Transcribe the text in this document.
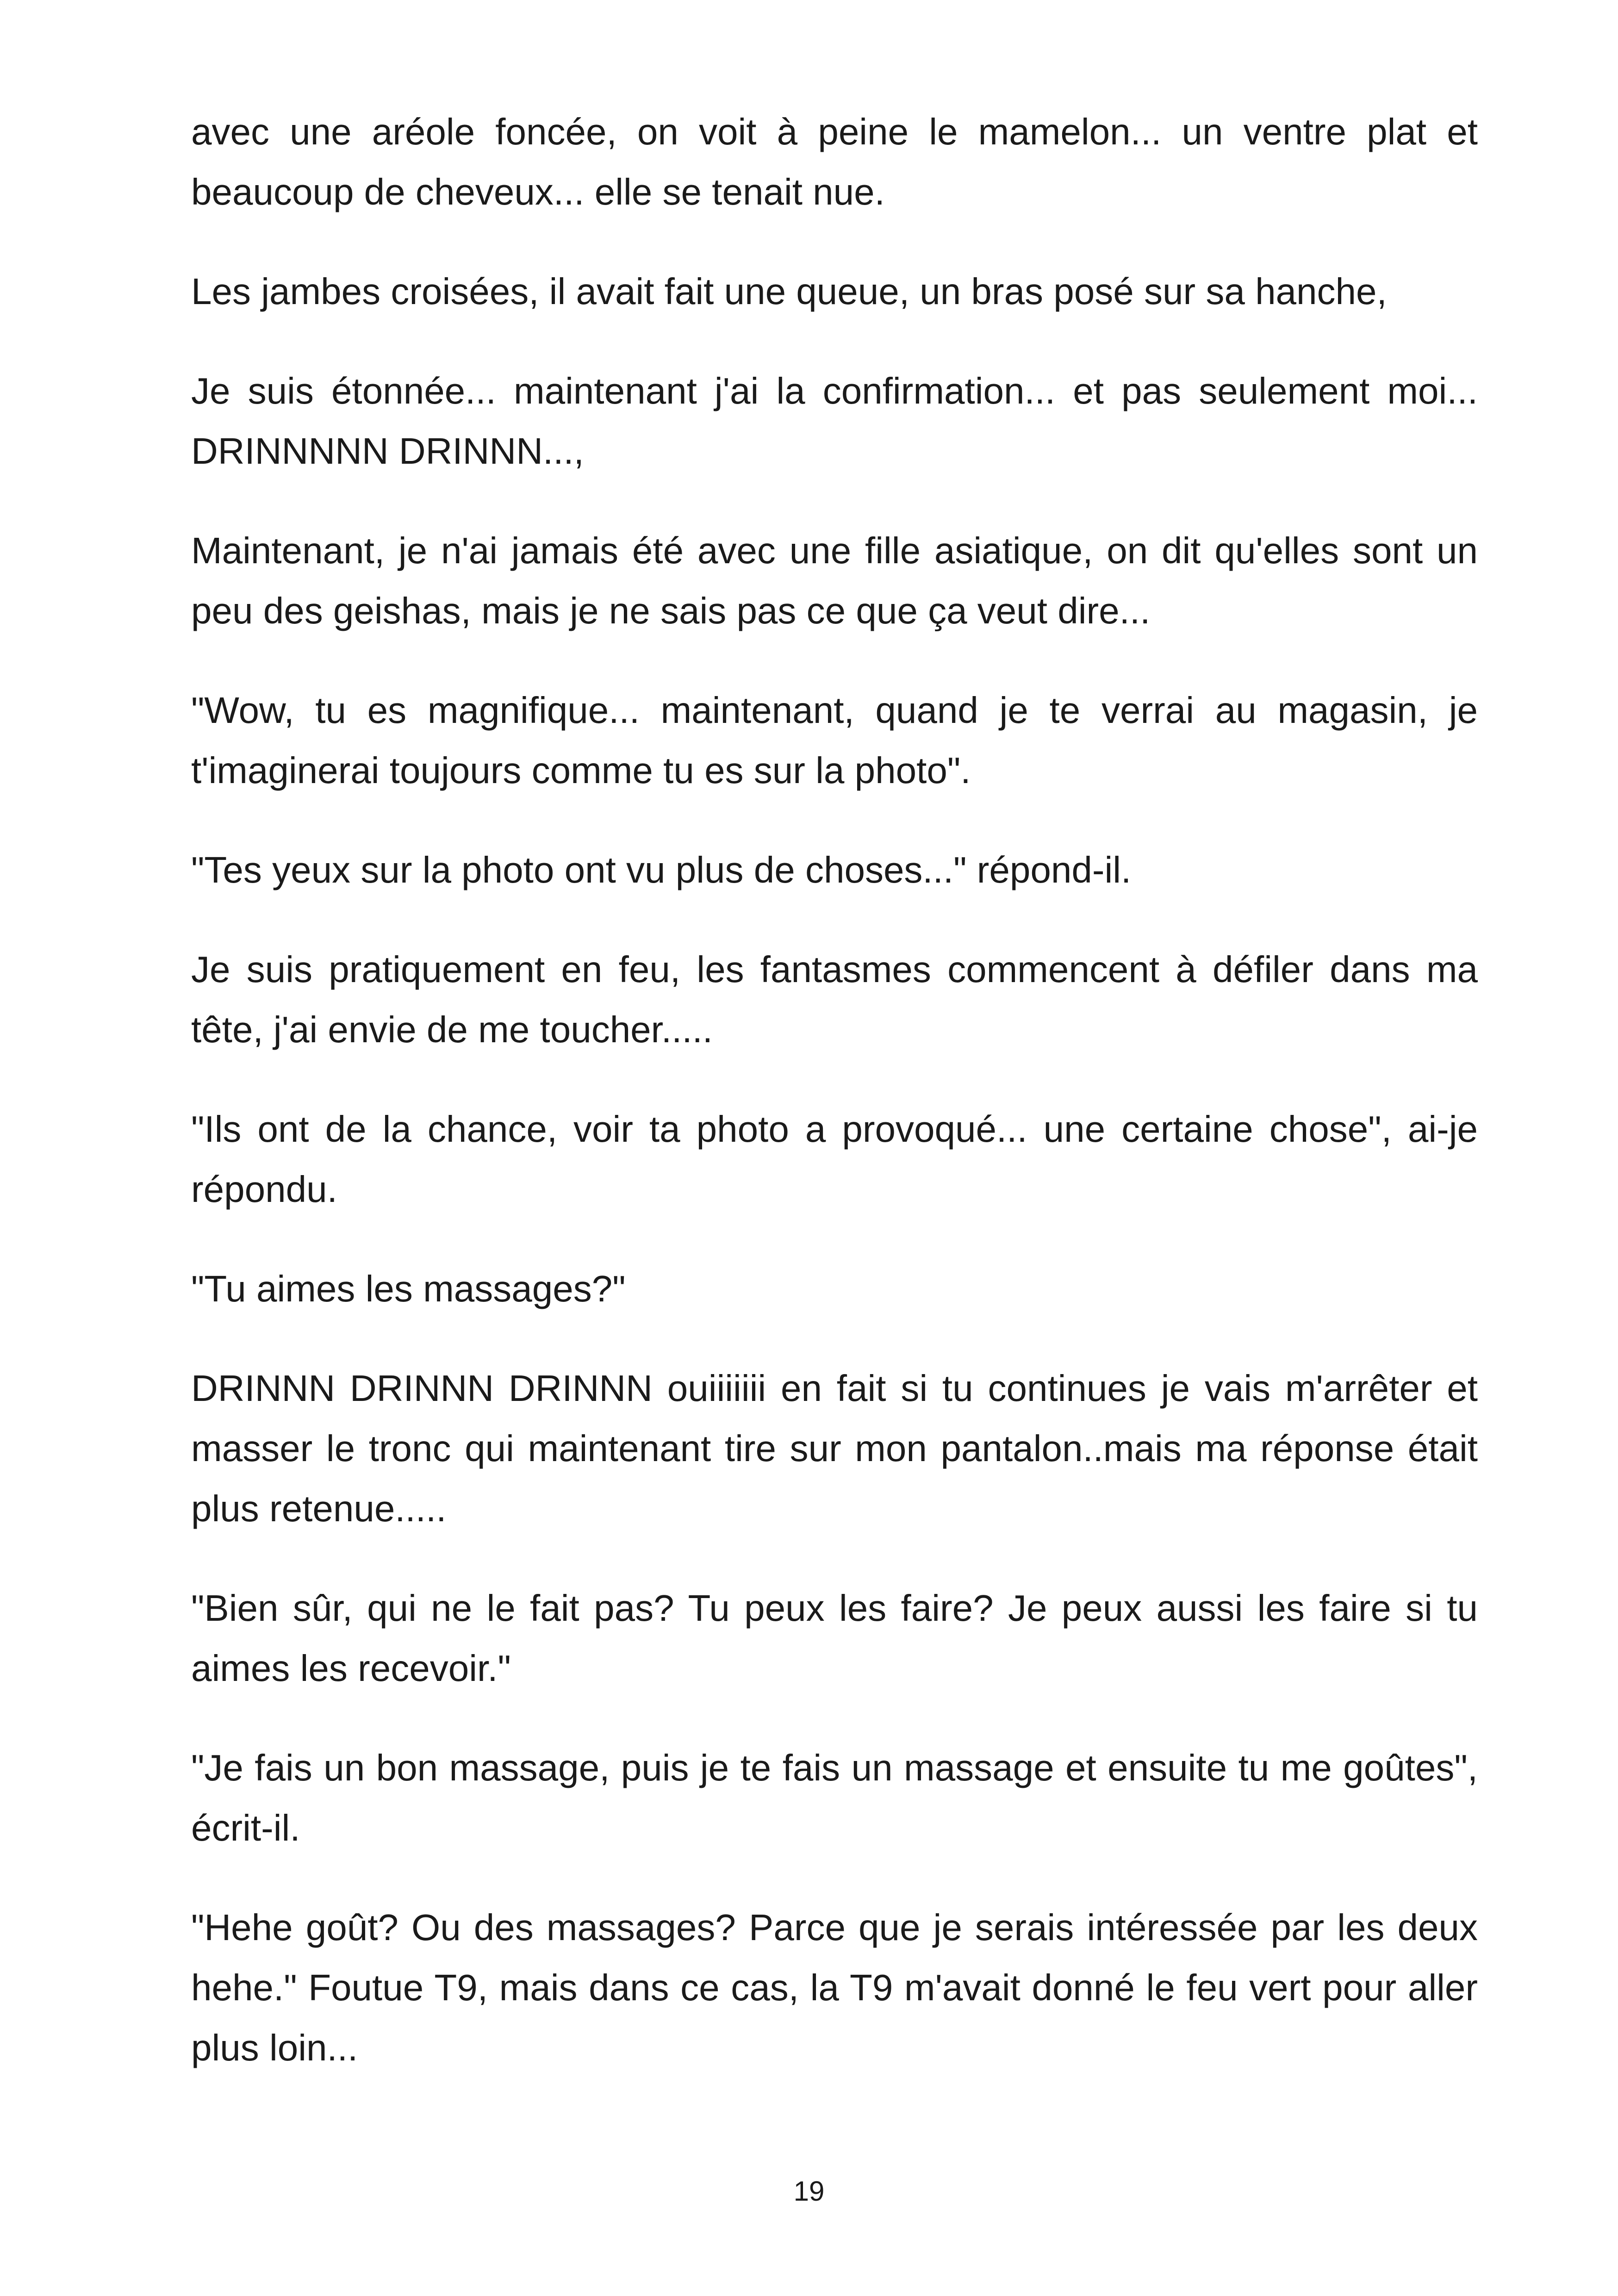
avec une aréole foncée, on voit à peine le mamelon... un ventre plat et beaucoup de cheveux... elle se tenait nue.

Les jambes croisées, il avait fait une queue, un bras posé sur sa hanche,

Je suis étonnée... maintenant j'ai la confirmation... et pas seulement moi... DRINNNNN DRINNN...,

Maintenant, je n'ai jamais été avec une fille asiatique, on dit qu'elles sont un peu des geishas, mais je ne sais pas ce que ça veut dire...

"Wow, tu es magnifique... maintenant, quand je te verrai au magasin, je t'imaginerai toujours comme tu es sur la photo".

"Tes yeux sur la photo ont vu plus de choses..." répond-il.

Je suis pratiquement en feu, les fantasmes commencent à défiler dans ma tête, j'ai envie de me toucher.....

"Ils ont de la chance, voir ta photo a provoqué... une certaine chose", ai-je répondu.

"Tu aimes les massages?"

DRINNN DRINNN DRINNN ouiiiiiii en fait si tu continues je vais m'arrêter et masser le tronc qui maintenant tire sur mon pantalon..mais ma réponse était plus retenue.....

"Bien sûr, qui ne le fait pas? Tu peux les faire? Je peux aussi les faire si tu aimes les recevoir."

"Je fais un bon massage, puis je te fais un massage et ensuite tu me goûtes", écrit-il.

"Hehe goût? Ou des massages? Parce que je serais intéressée par les deux hehe." Foutue T9, mais dans ce cas, la T9 m'avait donné le feu vert pour aller plus loin...

19
